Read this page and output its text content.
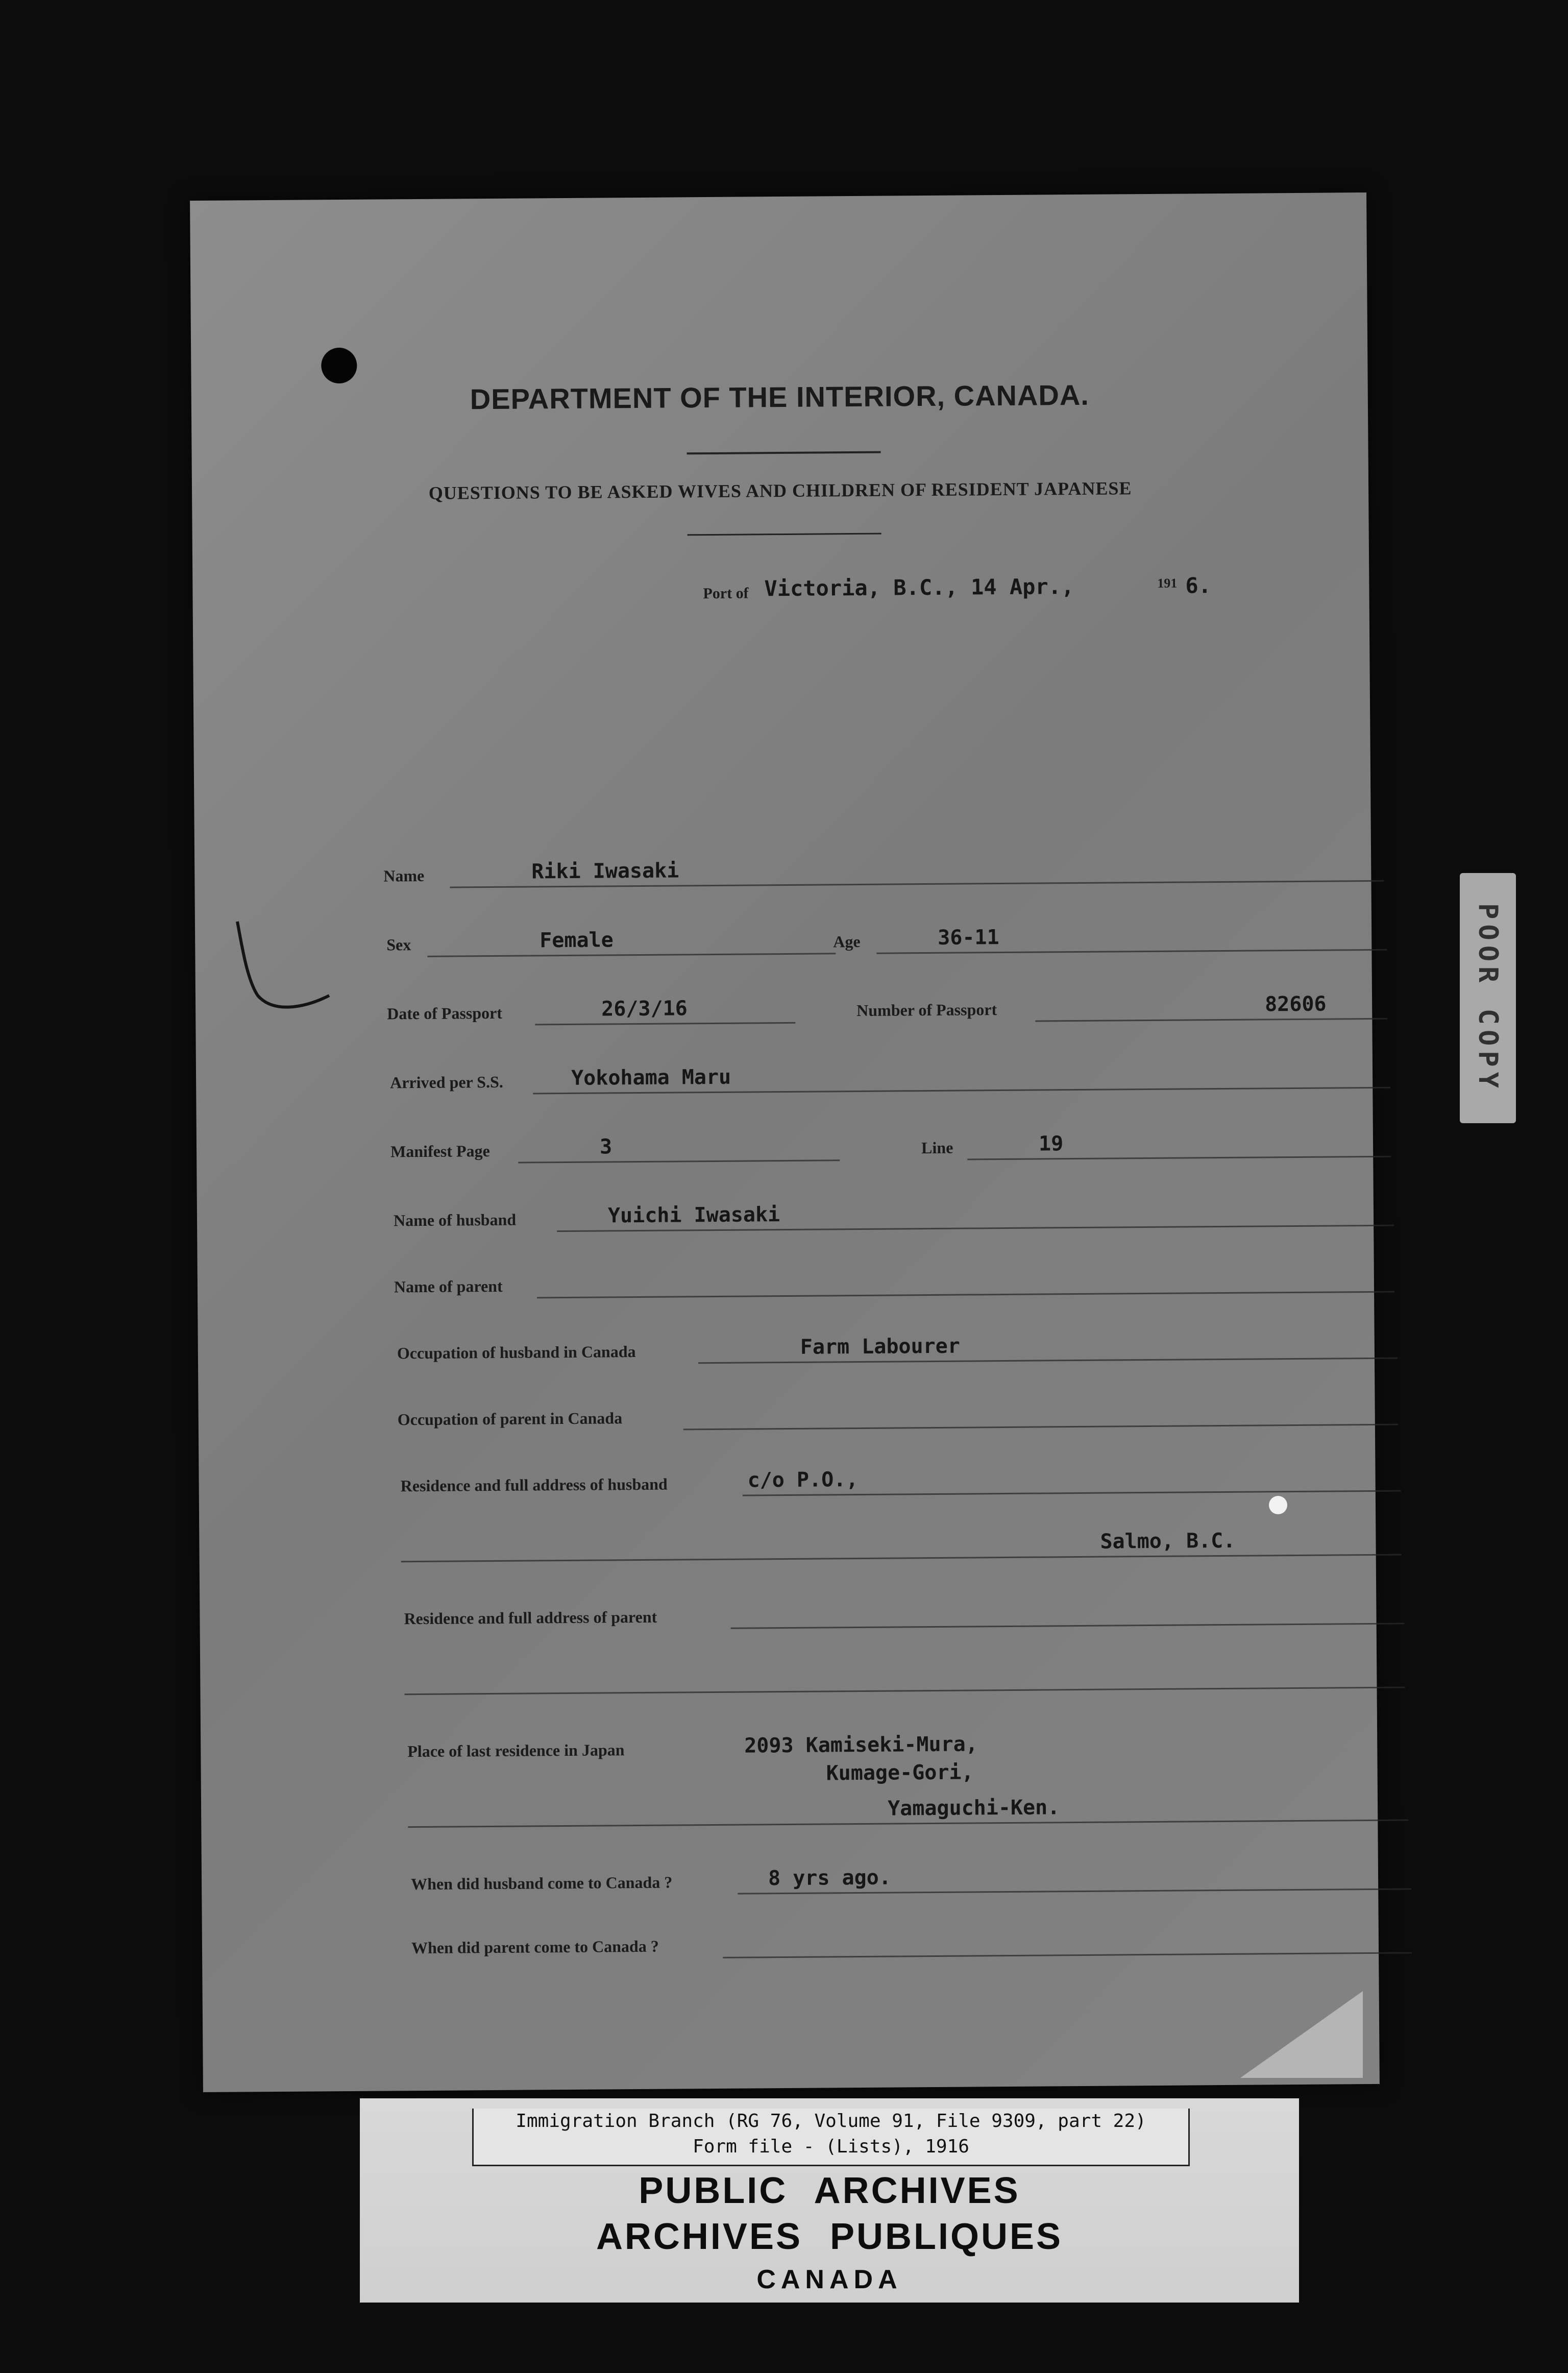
DEPARTMENT OF THE INTERIOR, CANADA.
QUESTIONS TO BE ASKED WIVES AND CHILDREN OF RESIDENT JAPANESE
Port of Victoria, B.C., 14 Apr.,	191 6.
Name	Riki Iwasaki
Sex	Female	Age	36-11
Date of Passport	26/3/16	Number of Passport	82606
Arrived per S.S.	Yokohama Maru
Manifest Page	3	Line	19
Name of husband	Yuichi Iwasaki
Name of parent
Occupation of husband in Canada	Farm Labourer
Occupation of parent in Canada
Residence and full address of husband	c/o P.O.,
Salmo, B.C.
Residence and full address of parent
Place of last residence in Japan	2093 Kamiseki-Mura,
Kumage-Gori,
Yamaguchi-Ken.
When did husband come to Canada ?	8 yrs ago.
When did parent come to Canada ?
POOR COPY
Immigration Branch (RG 76, Volume 91, File 9309, part 22)
Form file - (Lists), 1916
PUBLIC ARCHIVES
ARCHIVES PUBLIQUES
CANADA
